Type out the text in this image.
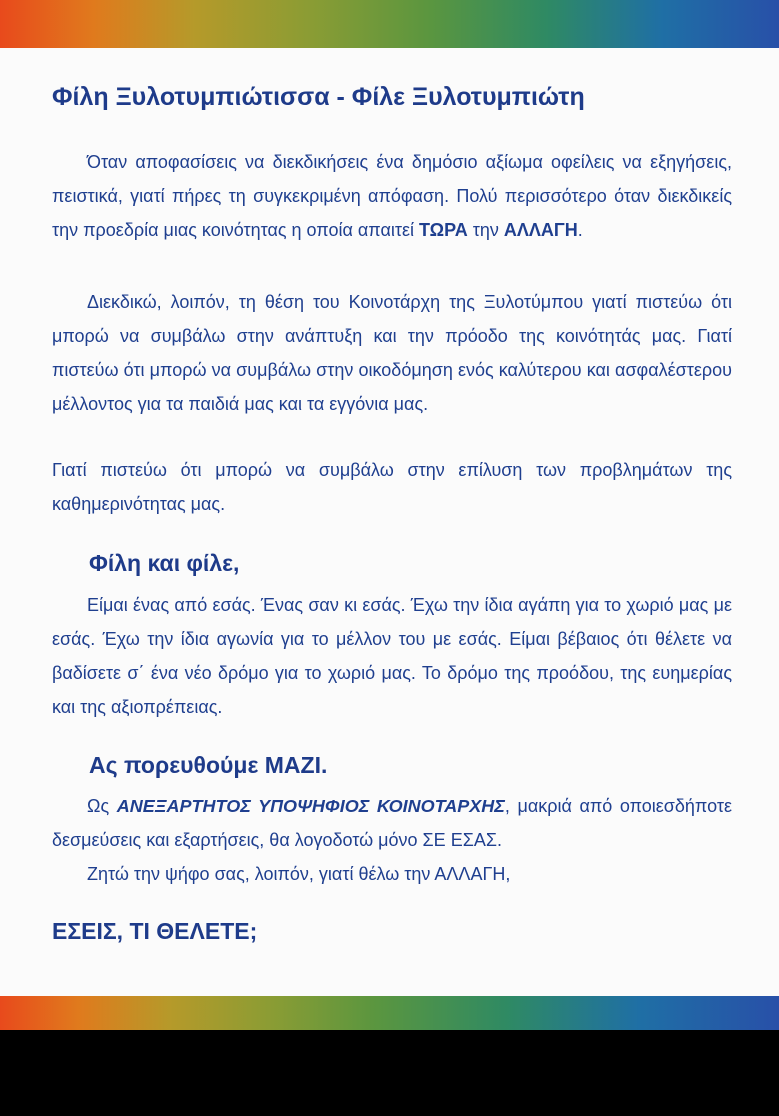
Φίλη Ξυλοτυμπιώτισσα - Φίλε Ξυλοτυμπιώτη

Όταν αποφασίσεις να διεκδικήσεις ένα δημόσιο αξίωμα οφείλεις να εξηγήσεις, πειστικά, γιατί πήρες τη συγκεκριμένη απόφαση. Πολύ περισσότερο όταν διεκδικείς την προεδρία μιας κοινότητας η οποία απαιτεί ΤΩΡΑ την ΑΛΛΑΓΗ.

Διεκδικώ, λοιπόν, τη θέση του Κοινοτάρχη της Ξυλοτύμπου γιατί πιστεύω ότι μπορώ να συμβάλω στην ανάπτυξη και την πρόοδο της κοινότητάς μας. Γιατί πιστεύω ότι μπορώ να συμβάλω στην οικοδόμηση ενός καλύτερου και ασφαλέστερου μέλλοντος για τα παιδιά μας και τα εγγόνια μας.

Γιατί πιστεύω ότι μπορώ να συμβάλω στην επίλυση των προβλημάτων της καθημερινότητας μας.

Φίλη και φίλε,

Είμαι ένας από εσάς. Ένας σαν κι εσάς. Έχω την ίδια αγάπη για το χωριό μας με εσάς. Έχω την ίδια αγωνία για το μέλλον του με εσάς. Είμαι βέβαιος ότι θέλετε να βαδίσετε σ΄ ένα νέο δρόμο για το χωριό μας. Το δρόμο της προόδου, της ευημερίας και της αξιοπρέπειας.

Ας πορευθούμε ΜΑΖΙ.

Ως ΑΝΕΞΑΡΤΗΤΟΣ ΥΠΟΨΗΦΙΟΣ ΚΟΙΝΟΤΑΡΧΗΣ, μακριά από οποιεσδήποτε δεσμεύσεις και εξαρτήσεις, θα λογοδοτώ μόνο ΣΕ ΕΣΑΣ.

Ζητώ την ψήφο σας, λοιπόν, γιατί θέλω την ΑΛΛΑΓΗ,

ΕΣΕΙΣ, ΤΙ ΘΕΛΕΤΕ;
